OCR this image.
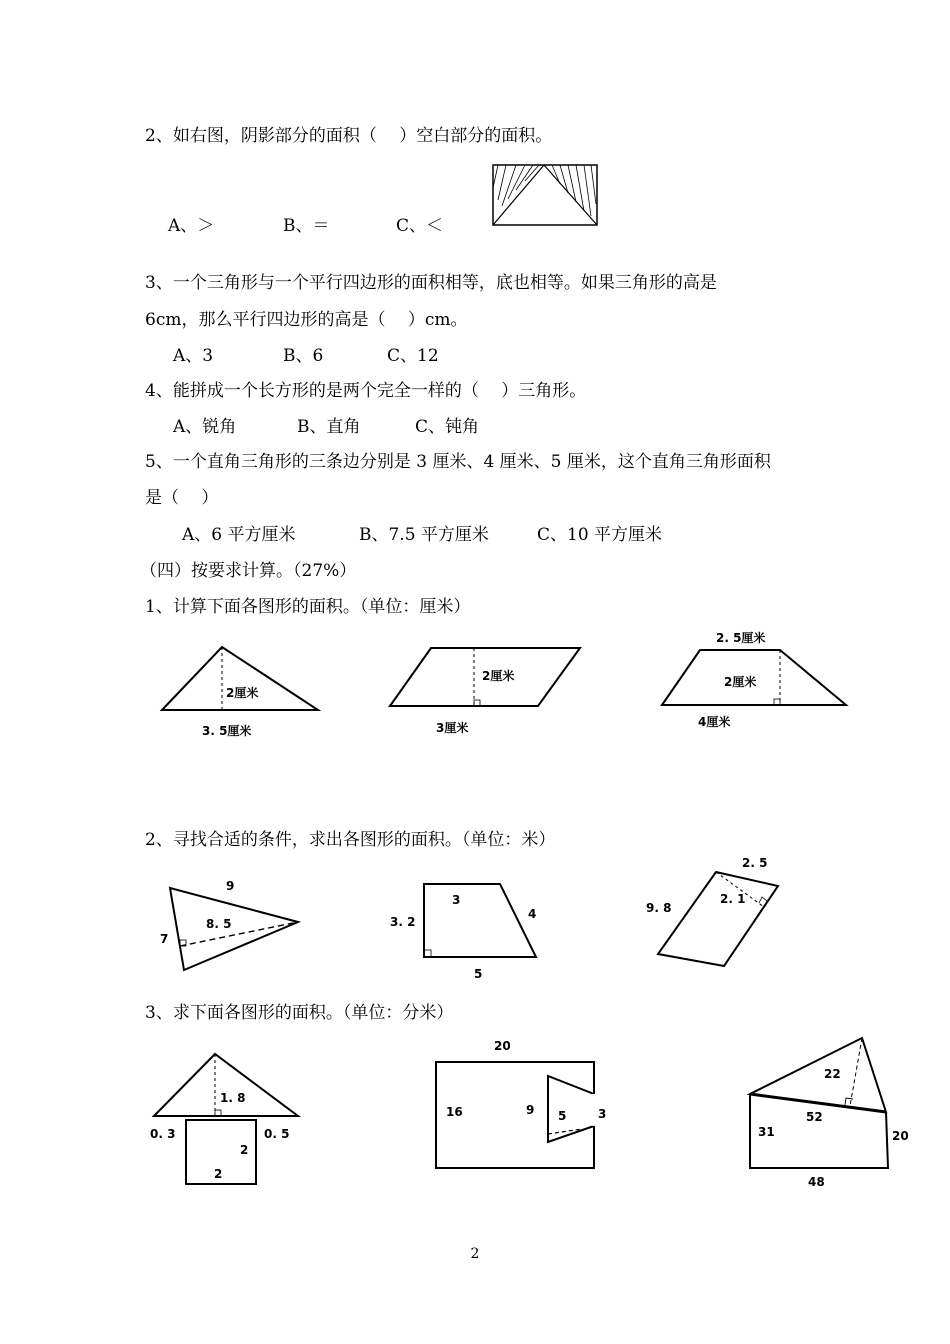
2、如右图，阴影部分的面积（　 ）空白部分的面积。
A、＞	B、＝	C、＜
3、一个三角形与一个平行四边形的面积相等，底也相等。如果三角形的高是
6cm，那么平行四边形的高是（　 ）cm。
A、3	B、6	C、12
4、能拼成一个长方形的是两个完全一样的（　 ）三角形。
A、锐角	B、直角	C、钝角
5、一个直角三角形的三条边分别是 3 厘米、4 厘米、5 厘米，这个直角三角形面积
是（　 ）
A、6 平方厘米	B、7.5 平方厘米	C、10 平方厘米
（四）按要求计算。（27%）
1、计算下面各图形的面积。（单位：厘米）
2厘米
3. 5厘米
2厘米
3厘米
2. 5厘米
2厘米
4厘米
2、寻找合适的条件，求出各图形的面积。（单位：米）
9
8. 5
7
3
3. 2
4
5
2. 5
2. 1
9. 8
3、求下面各图形的面积。（单位：分米）
1. 8
0. 3	0. 5
2
2
20
16	9 5	3
22
52
31	20
48
2
